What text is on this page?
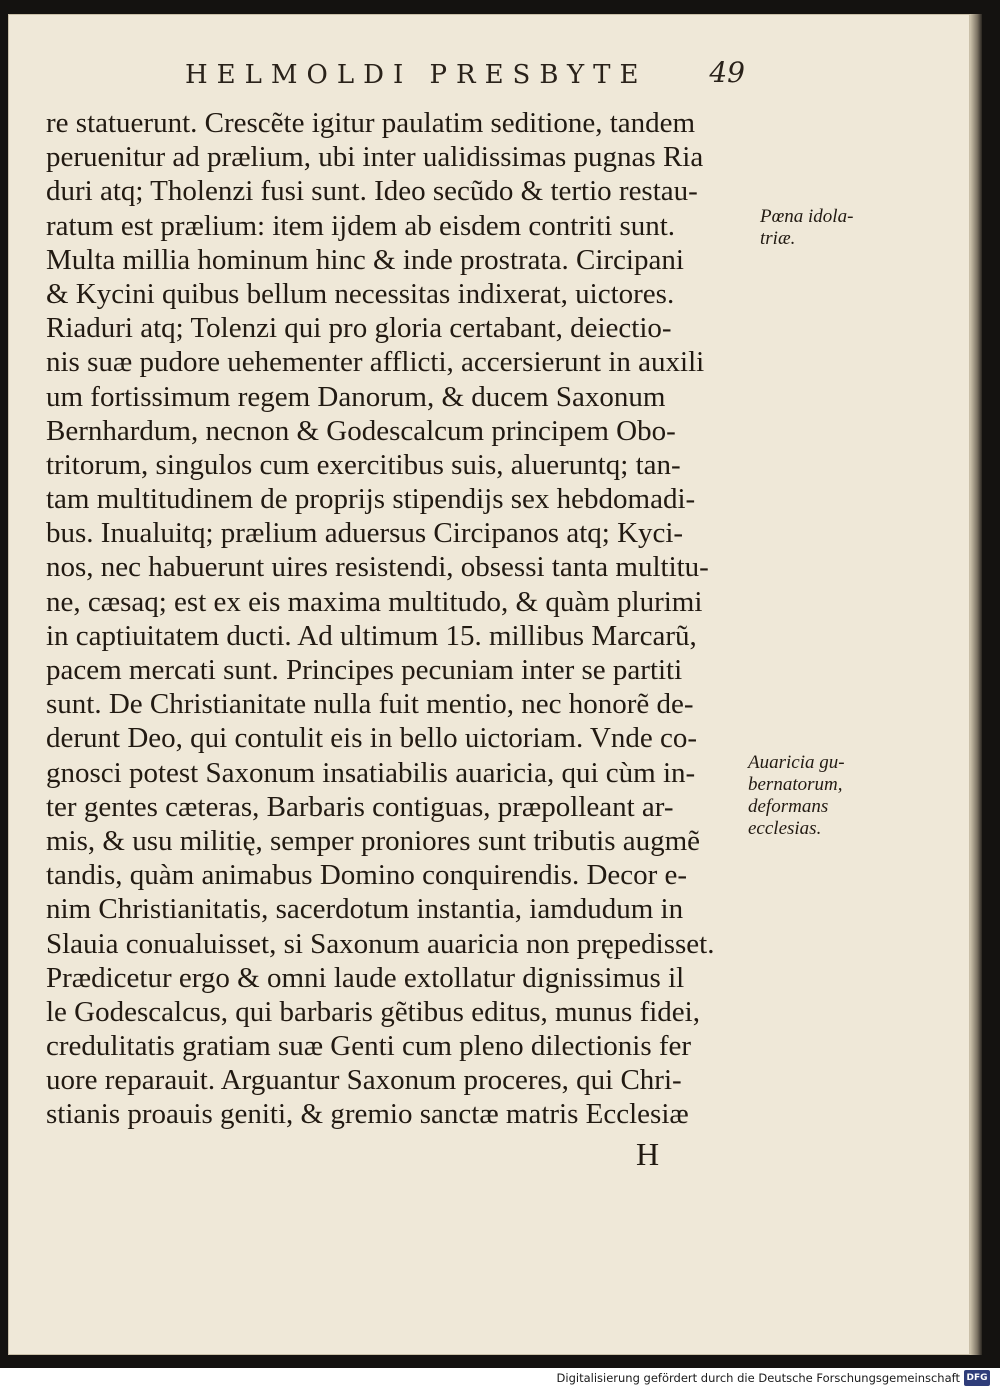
HELMOLDI PRESBYTE 49
re statuerunt. Crescẽte igitur paulatim seditione, tandem
peruenitur ad prælium, ubi inter ualidissimas pugnas Ria
duri atq; Tholenzi fusi sunt. Ideo secũdo & tertio restau-
ratum est prælium: item ijdem ab eisdem contriti sunt.
Multa millia hominum hinc & inde prostrata. Circipani
& Kycini quibus bellum necessitas indixerat, uictores.
Riaduri atq; Tolenzi qui pro gloria certabant, deiectio-
nis suæ pudore uehementer afflicti, accersierunt in auxili
um fortissimum regem Danorum, & ducem Saxonum
Bernhardum, necnon & Godescalcum principem Obo-
tritorum, singulos cum exercitibus suis, alueruntq; tan-
tam multitudinem de proprijs stipendijs sex hebdomadi-
bus. Inualuitq; prælium aduersus Circipanos atq; Kyci-
nos, nec habuerunt uires resistendi, obsessi tanta multitu-
ne, cæsaq; est ex eis maxima multitudo, & quàm plurimi
in captiuitatem ducti. Ad ultimum 15. millibus Marcarũ,
pacem mercati sunt. Principes pecuniam inter se partiti
sunt. De Christianitate nulla fuit mentio, nec honorẽ de-
derunt Deo, qui contulit eis in bello uictoriam. Vnde co-
gnosci potest Saxonum insatiabilis auaricia, qui cùm in-
ter gentes cæteras, Barbaris contiguas, præpolleant ar-
mis, & usu militię, semper proniores sunt tributis augmẽ
tandis, quàm animabus Domino conquirendis. Decor e-
nim Christianitatis, sacerdotum instantia, iamdudum in
Slauia conualuisset, si Saxonum auaricia non prępedisset.
Prædicetur ergo & omni laude extollatur dignissimus il
le Godescalcus, qui barbaris gẽtibus editus, munus fidei,
credulitatis gratiam suæ Genti cum pleno dilectionis fer
uore reparauit. Arguantur Saxonum proceres, qui Chri-
stianis proauis geniti, & gremio sanctæ matris Ecclesiæ
H
Pœna idola-
triæ.
Auaricia gu-
bernatorum,
deformans
ecclesias.
Digitalisierung gefördert durch die Deutsche Forschungsgemeinschaft DFG
